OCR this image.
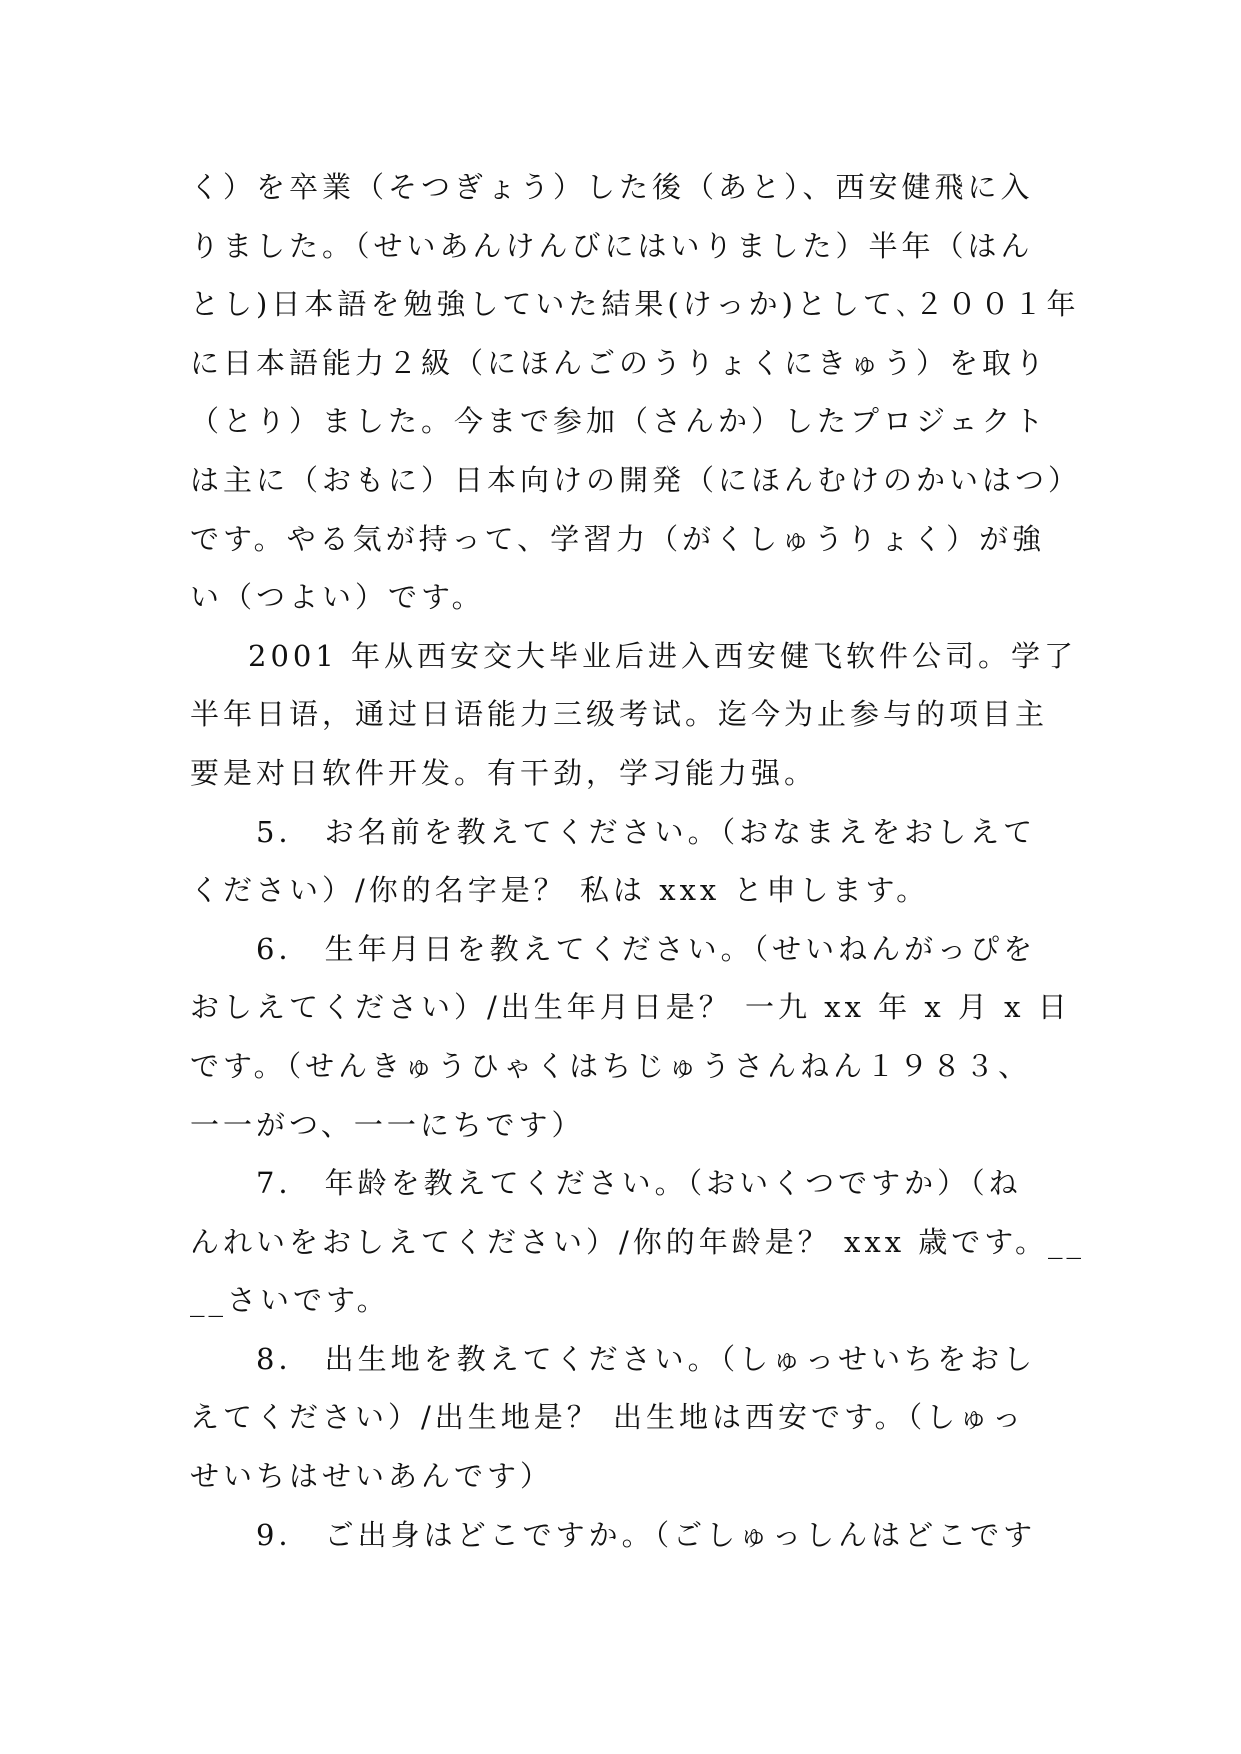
く）を卒業（そつぎょう）した後（あと）、西安健飛に入
りました。（せいあんけんびにはいりました）半年（はん
とし)日本語を勉強していた結果(けっか)として､２００１年
に日本語能力２級（にほんごのうりょくにきゅう）を取り
（とり）ました。今まで参加（さんか）したプロジェクト
は主に（おもに）日本向けの開発（にほんむけのかいはつ）
です。やる気が持って、学習力（がくしゅうりょく）が強
い（つよい）です。

2001 年从西安交大毕业后进入西安健飞软件公司。学了
半年日语，通过日语能力三级考试。迄今为止参与的项目主
要是对日软件开发。有干劲，学习能力强。

5． お名前を教えてください。（おなまえをおしえて
ください）/你的名字是？ 私は xxx と申します。

6． 生年月日を教えてください。（せいねんがっぴを
おしえてください）/出生年月日是？ 一九 xx 年 x 月 x 日
です。（せんきゅうひゃくはちじゅうさんねん１９８３、
一一がつ、一一にちです）

7． 年龄を教えてください。（おいくつですか）（ね
んれいをおしえてください）/你的年龄是？ xxx 歳です。__
__さいです。

8． 出生地を教えてください。（しゅっせいちをおし
えてください）/出生地是？ 出生地は西安です。（しゅっ
せいちはせいあんです）

9． ご出身はどこですか。（ごしゅっしんはどこです
